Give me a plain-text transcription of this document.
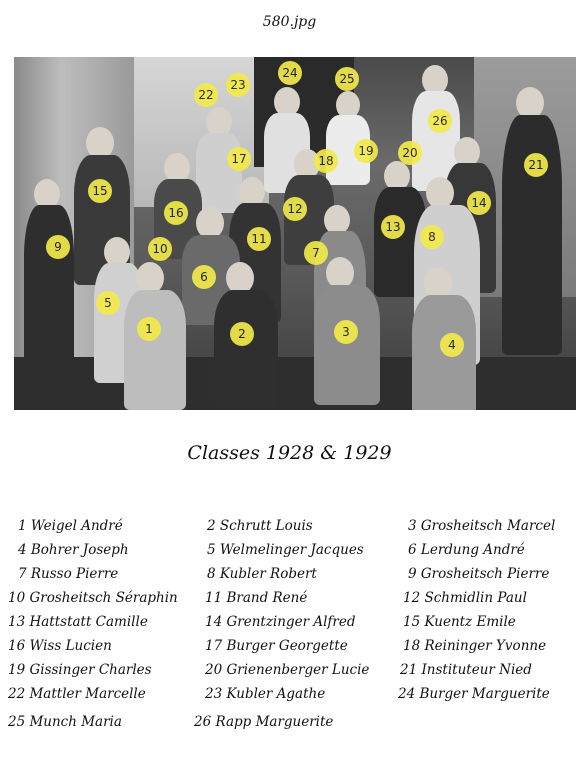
580.jpg
22
23
24	25
26
17	18
19	20
21
15
16	12	14
13
9	10
11
7
8
5
6
1	2	3
4
Classes 1928 & 1929
1 Weigel André	2 Schrutt Louis	3 Grosheitsch Marcel
4 Bohrer Joseph	5 Welmelinger Jacques	6 Lerdung André
7 Russo Pierre	8 Kubler Robert	9 Grosheitsch Pierre
10 Grosheitsch Séraphin 11 Brand René	12 Schmidlin Paul
13 Hattstatt Camille	14 Grentzinger Alfred	15 Kuentz Emile
16 Wiss Lucien	17 Burger Georgette	18 Reininger Yvonne
19 Gissinger Charles	20 Grienenberger Lucie 21 Instituteur Nied
22 Mattler Marcelle	23 Kubler Agathe	24 Burger Marguerite
25 Munch Maria	26 Rapp Marguerite
